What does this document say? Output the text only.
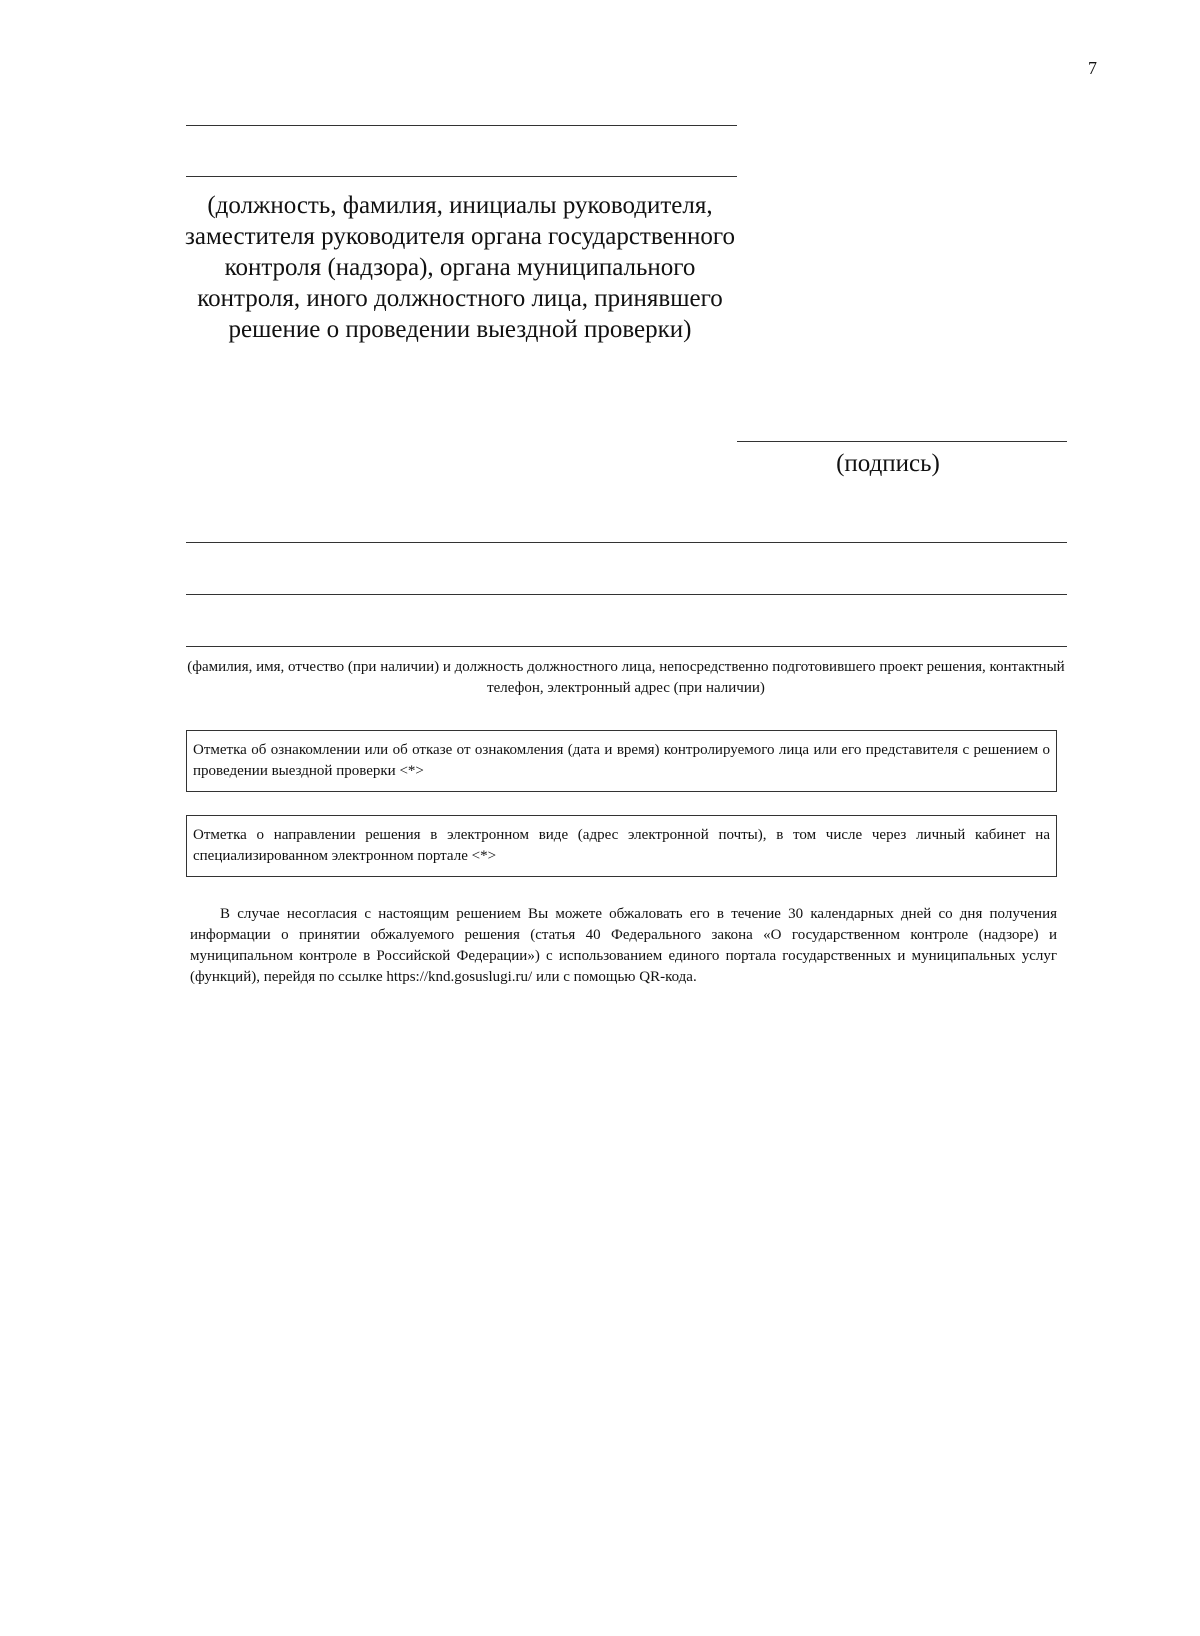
7
(должность, фамилия, инициалы руководителя, заместителя руководителя органа государственного контроля (надзора), органа муниципального контроля, иного должностного лица, принявшего решение о проведении выездной проверки)
(подпись)
(фамилия, имя, отчество (при наличии) и должность должностного лица, непосредственно подготовившего проект решения, контактный телефон, электронный адрес (при наличии)
Отметка об ознакомлении или об отказе от ознакомления (дата и время) контролируемого лица или его представителя с решением о проведении выездной проверки <*>
Отметка о направлении решения в электронном виде (адрес электронной почты), в том числе через личный кабинет на специализированном электронном портале <*>
В случае несогласия с настоящим решением Вы можете обжаловать его в течение 30 календарных дней со дня получения информации о принятии обжалуемого решения (статья 40 Федерального закона «О государственном контроле (надзоре) и муниципальном контроле в Российской Федерации») с использованием единого портала государственных и муниципальных услуг (функций), перейдя по ссылке https://knd.gosuslugi.ru/ или с помощью QR-кода.
